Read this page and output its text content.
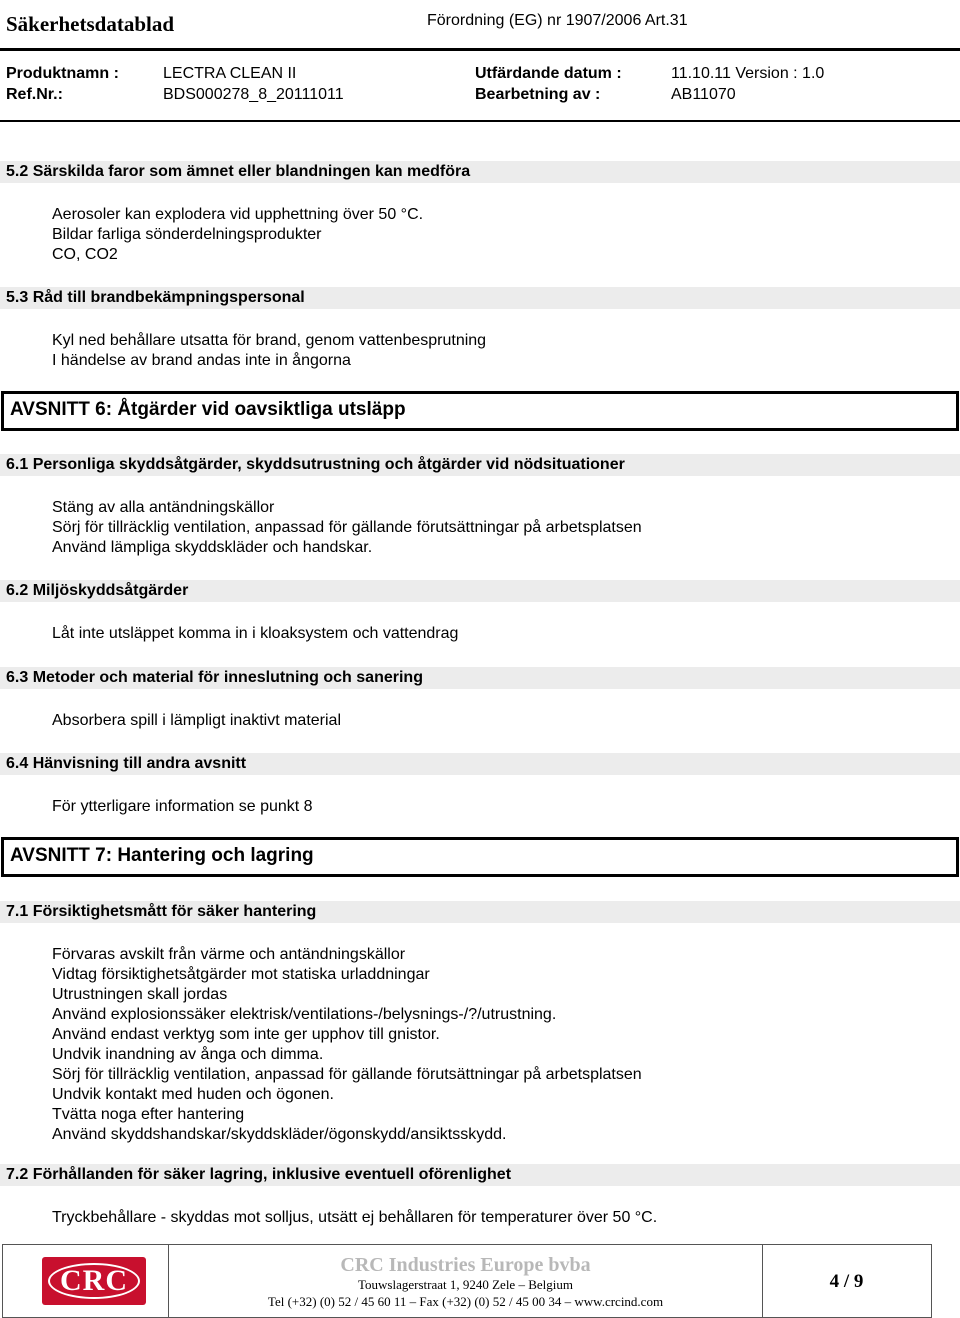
Säkerhetsdatablad	Förordning (EG) nr 1907/2006 Art.31
Produktnamn :	LECTRA CLEAN II	Utfärdande datum :	11.10.11 Version : 1.0
Ref.Nr.:	BDS000278_8_20111011	Bearbetning av :	AB11070
5.2 Särskilda faror som ämnet eller blandningen kan medföra
Aerosoler kan explodera vid upphettning över 50 °C.
Bildar farliga sönderdelningsprodukter
CO, CO2
5.3 Råd till brandbekämpningspersonal
Kyl ned behållare utsatta för brand, genom vattenbesprutning
I händelse av brand andas inte in ångorna
AVSNITT 6: Åtgärder vid oavsiktliga utsläpp
6.1 Personliga skyddsåtgärder, skyddsutrustning och åtgärder vid nödsituationer
Stäng av alla antändningskällor
Sörj för tillräcklig ventilation, anpassad för gällande förutsättningar på arbetsplatsen
Använd lämpliga skyddskläder och handskar.
6.2 Miljöskyddsåtgärder
Låt inte utsläppet komma in i kloaksystem och vattendrag
6.3 Metoder och material för inneslutning och sanering
Absorbera spill i lämpligt inaktivt material
6.4 Hänvisning till andra avsnitt
För ytterligare information se punkt 8
AVSNITT 7: Hantering och lagring
7.1 Försiktighetsmått för säker hantering
Förvaras avskilt från värme och antändningskällor
Vidtag försiktighetsåtgärder mot statiska urladdningar
Utrustningen skall jordas
Använd explosionssäker elektrisk/ventilations-/belysnings-/?/utrustning.
Använd endast verktyg som inte ger upphov till gnistor.
Undvik inandning av ånga och dimma.
Sörj för tillräcklig ventilation, anpassad för gällande förutsättningar på arbetsplatsen
Undvik kontakt med huden och ögonen.
Tvätta noga efter hantering
Använd skyddshandskar/skyddskläder/ögonskydd/ansiktsskydd.
7.2 Förhållanden för säker lagring, inklusive eventuell oförenlighet
Tryckbehållare - skyddas mot solljus, utsätt ej behållaren för temperaturer över 50 °C.
CRC	CRC Industries Europe bvba
Touwslagerstraat 1, 9240 Zele – Belgium
Tel (+32) (0) 52 / 45 60 11 – Fax (+32) (0) 52 / 45 00 34 – www.crcind.com
4 / 9
